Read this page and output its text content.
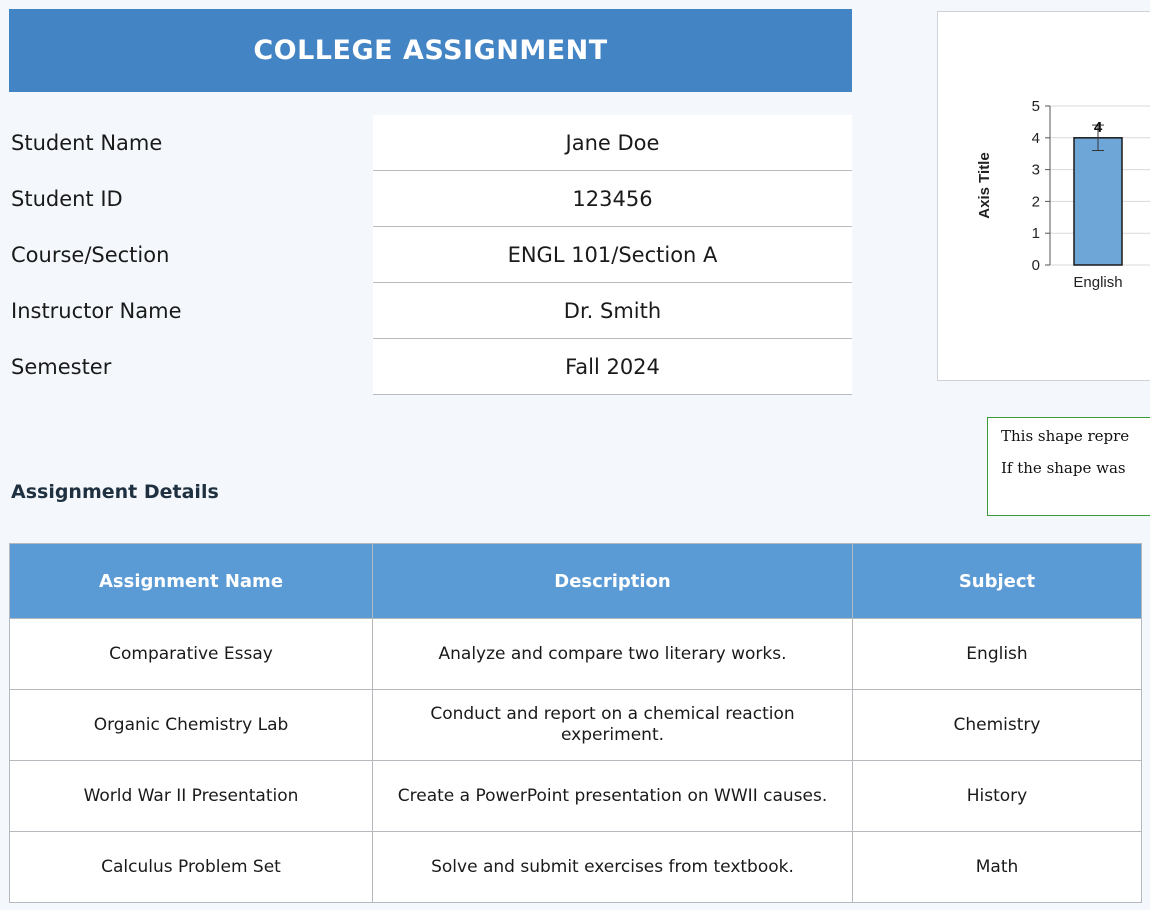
COLLEGE ASSIGNMENT
Student Name	Jane Doe
Student ID	123456
Course/Section	ENGL 101/Section A
Instructor Name	Dr. Smith
Semester	Fall 2024
0
1
2
3
4
5
Axis Title
4
English

This shape repre

If the shape was

Assignment Details
Assignment Name	Description	Subject
Comparative Essay	Analyze and compare two literary works.	English
Organic Chemistry Lab	Conduct and report on a chemical reaction experiment.	Chemistry
World War II Presentation	Create a PowerPoint presentation on WWII causes.	History
Calculus Problem Set	Solve and submit exercises from textbook.	Math
